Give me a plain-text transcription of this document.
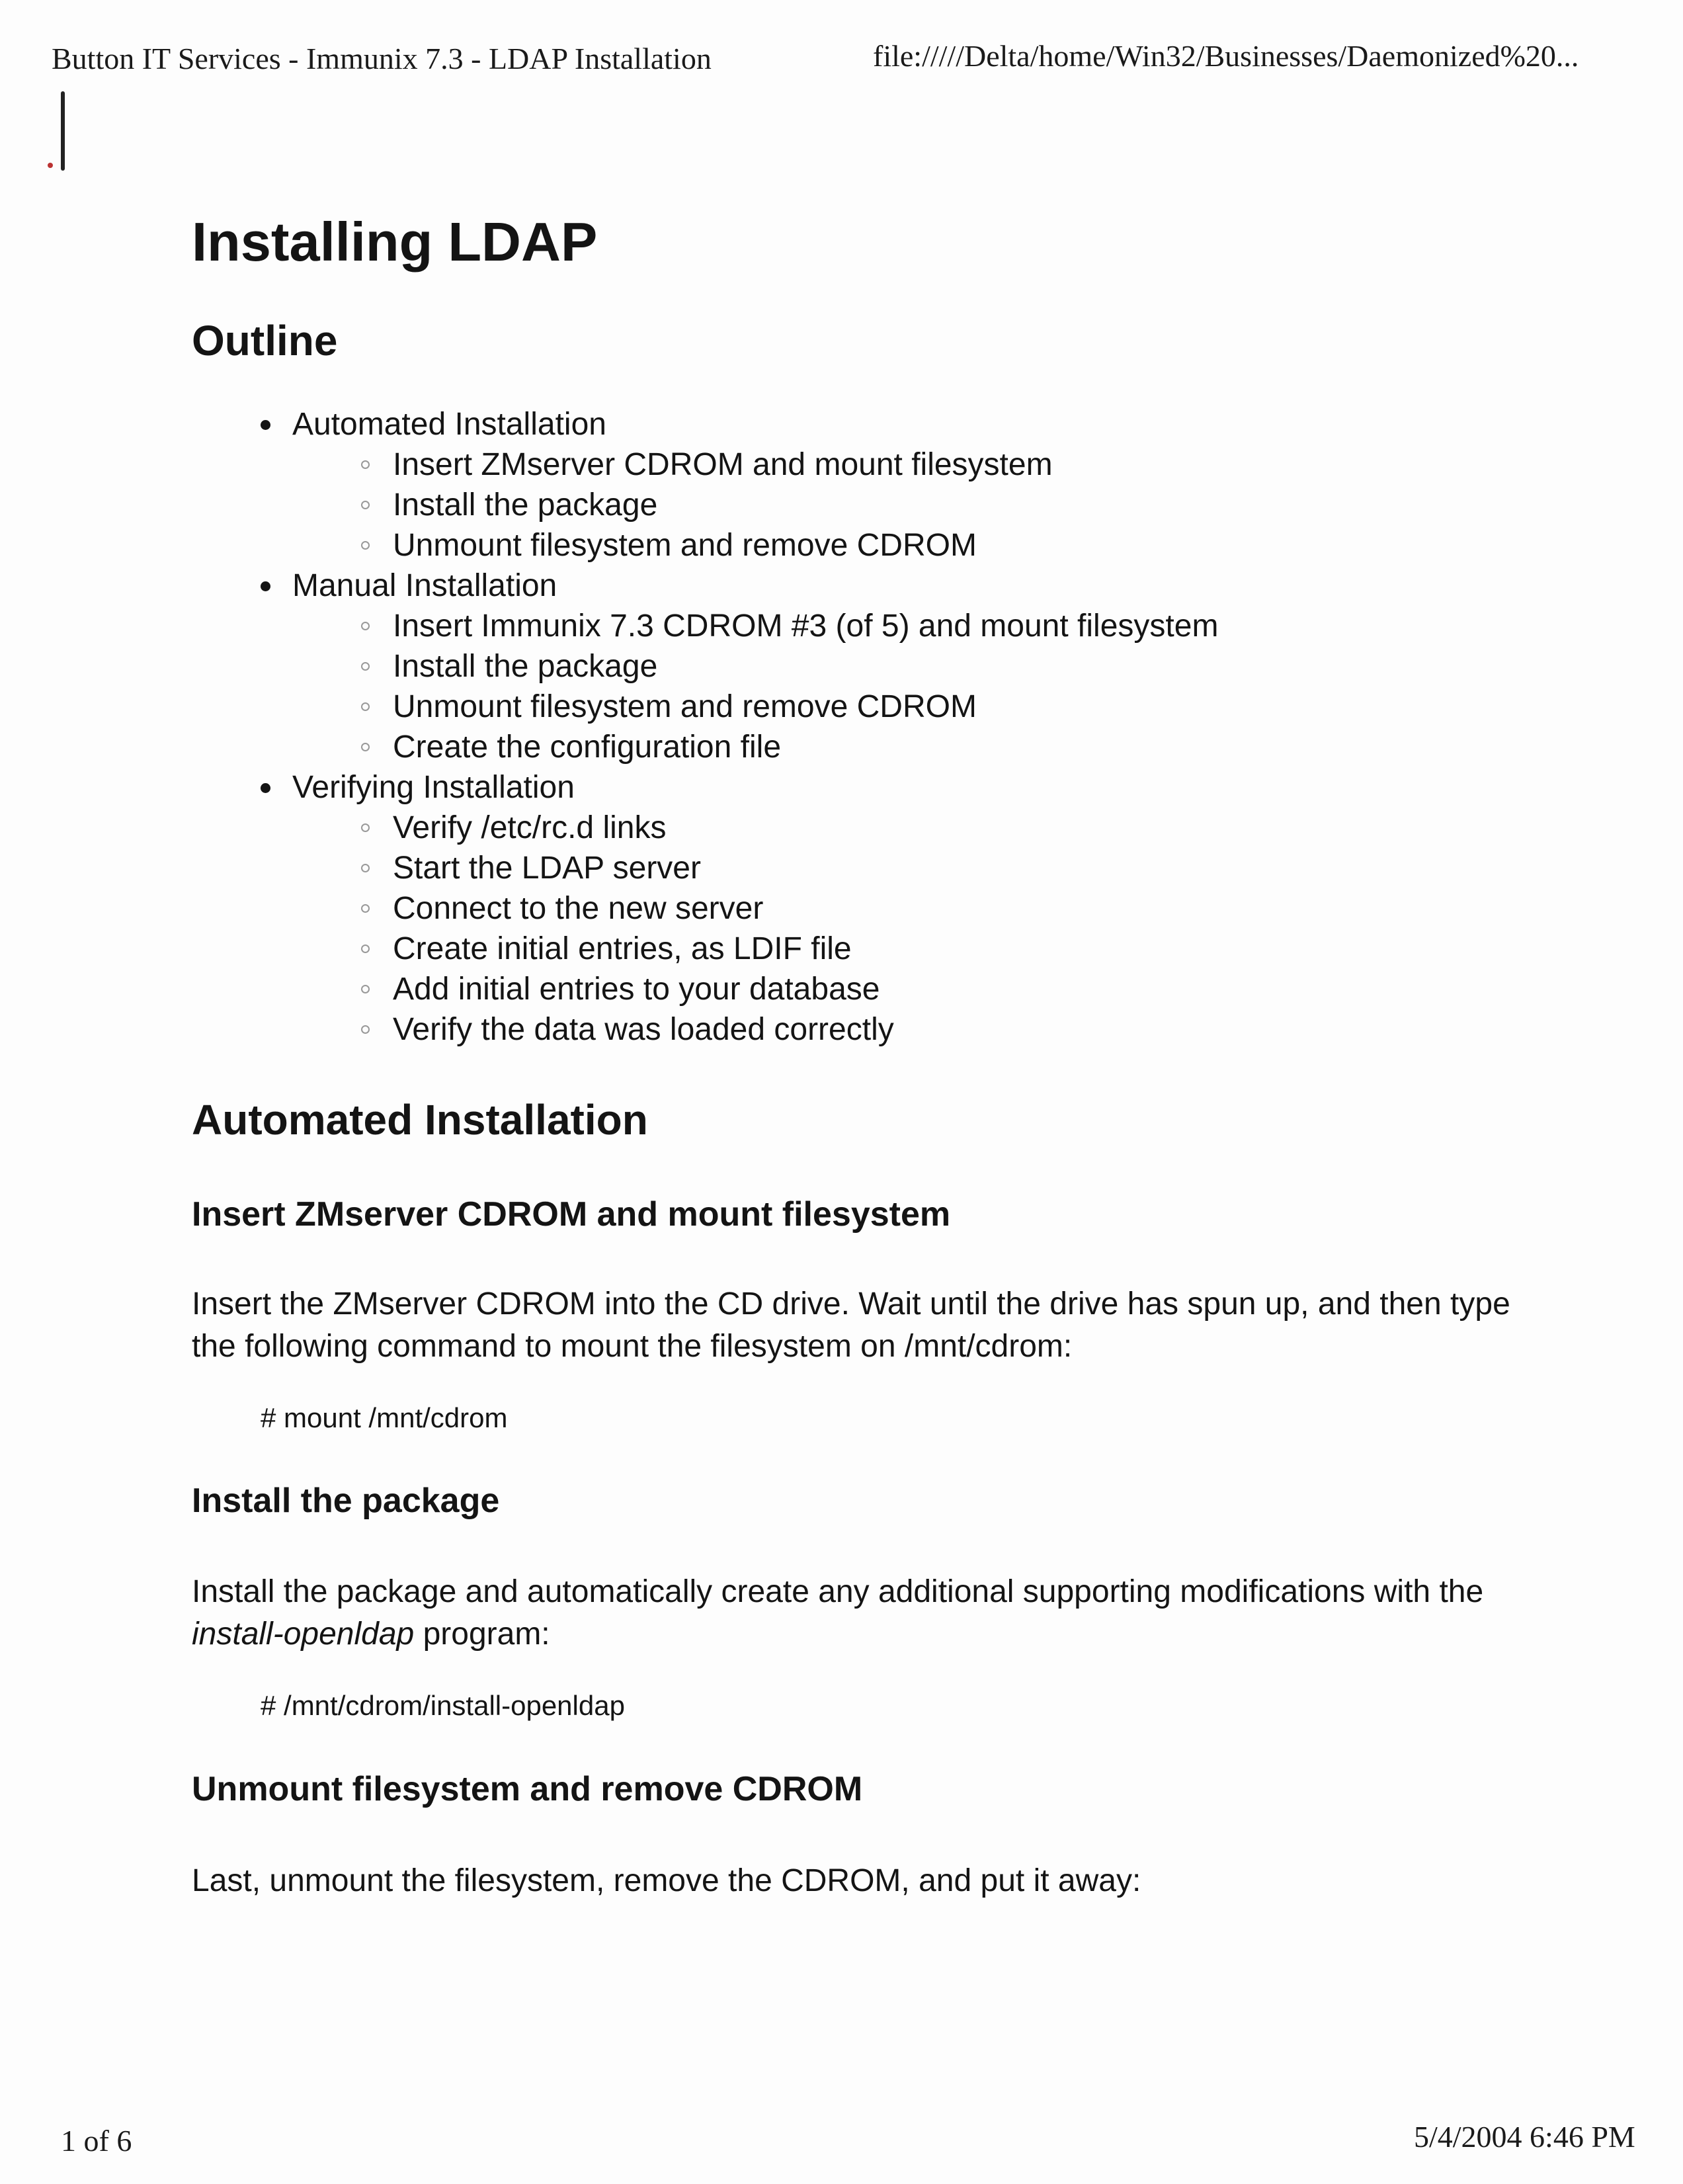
Button IT Services - Immunix 7.3 - LDAP Installation	file://///Delta/home/Win32/Businesses/Daemonized%20...
Installing LDAP
Outline
Automated Installation
Insert ZMserver CDROM and mount filesystem
Install the package
Unmount filesystem and remove CDROM
Manual Installation
Insert Immunix 7.3 CDROM #3 (of 5) and mount filesystem
Install the package
Unmount filesystem and remove CDROM
Create the configuration file
Verifying Installation
Verify /etc/rc.d links
Start the LDAP server
Connect to the new server
Create initial entries, as LDIF file
Add initial entries to your database
Verify the data was loaded correctly
Automated Installation
Insert ZMserver CDROM and mount filesystem

Insert the ZMserver CDROM into the CD drive. Wait until the drive has spun up, and then type the following command to mount the filesystem on /mnt/cdrom:

# mount /mnt/cdrom
Install the package

Install the package and automatically create any additional supporting modifications with the install-openldap program:

# /mnt/cdrom/install-openldap
Unmount filesystem and remove CDROM

Last, unmount the filesystem, remove the CDROM, and put it away:

1 of 6	5/4/2004 6:46 PM
